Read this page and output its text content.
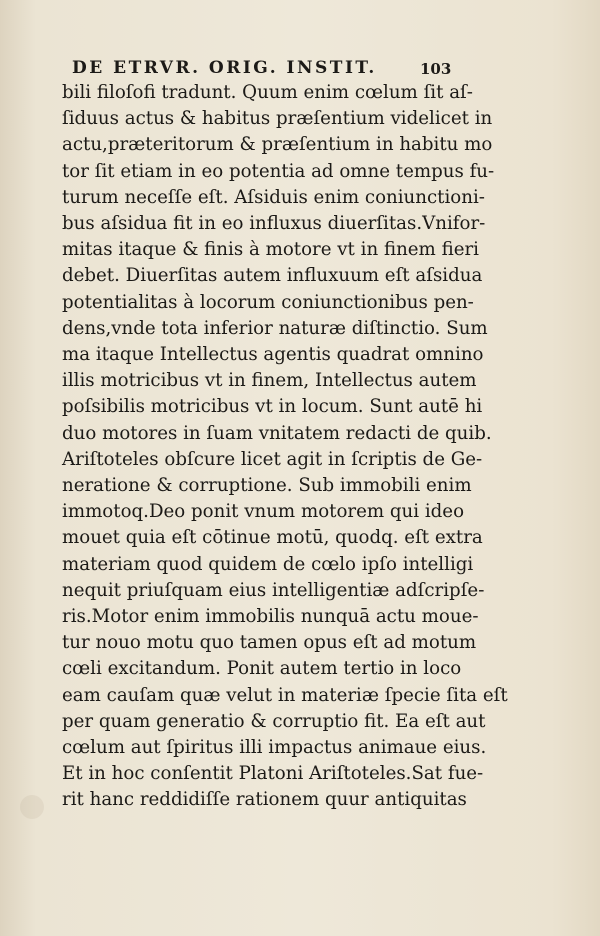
DE ETRVR. ORIG. INSTIT.	103
bili filoſofi tradunt. Quum enim cœlum ſit aſ-
ſiduus actus & habitus præſentium videlicet in
actu,præteritorum & præſentium in habitu mo
tor ſit etiam in eo potentia ad omne tempus fu-
turum neceſſe eſt. Aſsiduis enim coniunctioni-
bus aſsidua fit in eo influxus diuerſitas.Vnifor-
mitas itaque & finis à motore vt in finem fieri
debet. Diuerſitas autem influxuum eſt aſsidua
potentialitas à locorum coniunctionibus pen-
dens,vnde tota inferior naturæ diſtinctio. Sum
ma itaque Intellectus agentis quadrat omnino
illis motricibus vt in finem, Intellectus autem
poſsibilis motricibus vt in locum. Sunt autē hi
duo motores in ſuam vnitatem redacti de quib.
Ariſtoteles obſcure licet agit in ſcriptis de Ge-
neratione & corruptione. Sub immobili enim
immotoq.Deo ponit vnum motorem qui ideo
mouet quia eſt cōtinue motū, quodq. eſt extra
materiam quod quidem de cœlo ipſo intelligi
nequit priuſquam eius intelligentiæ adſcripſe-
ris.Motor enim immobilis nunquā actu moue-
tur nouo motu quo tamen opus eſt ad motum
cœli excitandum. Ponit autem tertio in loco
eam cauſam quæ velut in materiæ ſpecie ſita eſt
per quam generatio & corruptio fit. Ea eſt aut
cœlum aut ſpiritus illi impactus animaue eius.
Et in hoc conſentit Platoni Ariſtoteles.Sat fue-
rit hanc reddidiſſe rationem quur antiquitas
